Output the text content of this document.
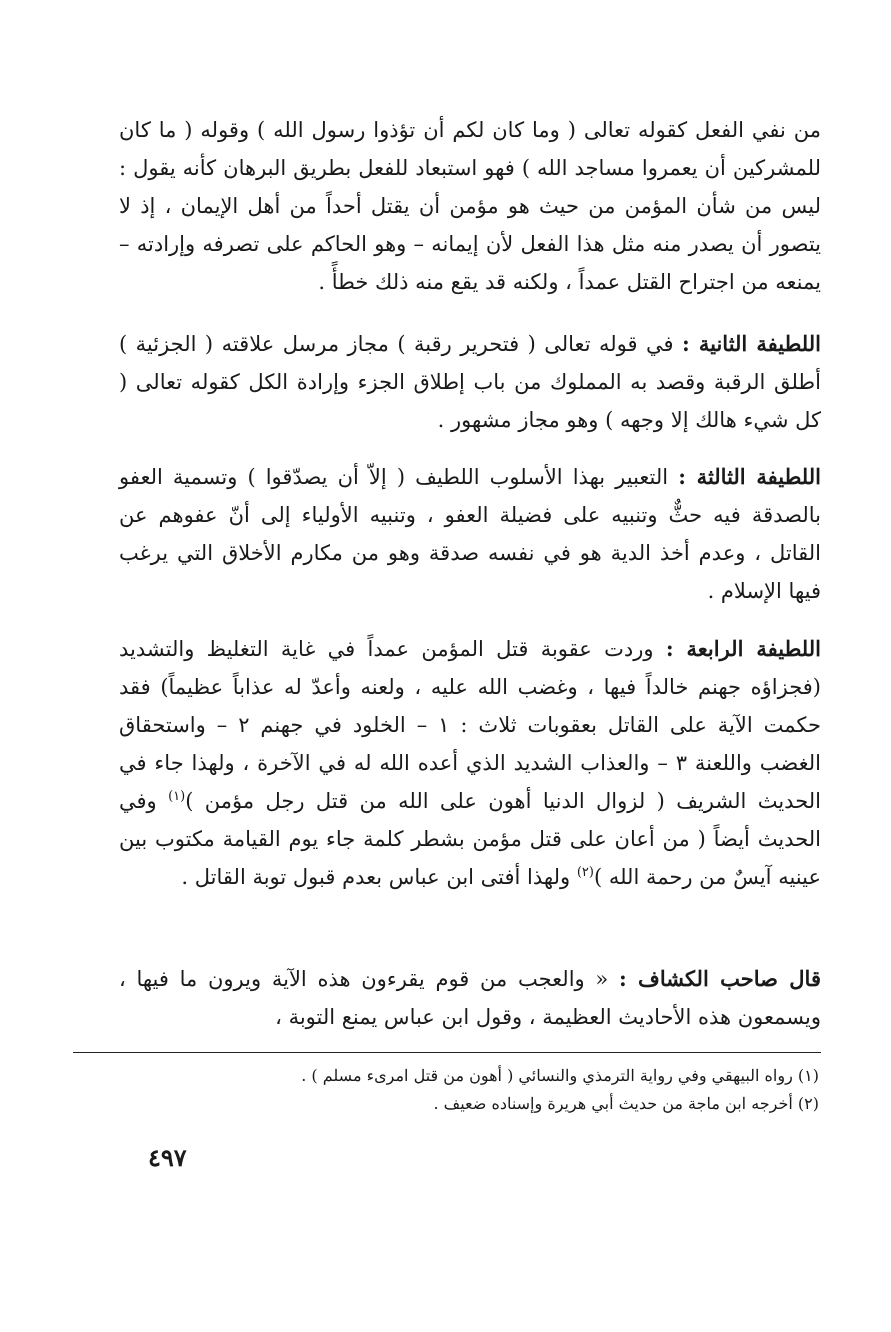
من نفي الفعل كقوله تعالى ( وما كان لكم أن تؤذوا رسول الله ) وقوله ( ما كان للمشركين أن يعمروا مساجد الله ) فهو استبعاد للفعل بطريق البرهان كأنه يقول : ليس من شأن المؤمن من حيث هو مؤمن أن يقتل أحداً من أهل الإيمان ، إذ لا يتصور أن يصدر منه مثل هذا الفعل لأن إيمانه – وهو الحاكم على تصرفه وإرادته – يمنعه من اجتراح القتل عمداً ، ولكنه قد يقع منه ذلك خطأً .

اللطيفة الثانية : في قوله تعالى ( فتحرير رقبة ) مجاز مرسل علاقته ( الجزئية ) أطلق الرقبة وقصد به المملوك من باب إطلاق الجزء وإرادة الكل كقوله تعالى ( كل شيء هالك إلا وجهه ) وهو مجاز مشهور .

اللطيفة الثالثة : التعبير بهذا الأسلوب اللطيف ( إلاّ أن يصدّقوا ) وتسمية العفو بالصدقة فيه حثٌّ وتنبيه على فضيلة العفو ، وتنبيه الأولياء إلى أنّ عفوهم عن القاتل ، وعدم أخذ الدية هو في نفسه صدقة وهو من مكارم الأخلاق التي يرغب فيها الإسلام .

اللطيفة الرابعة : وردت عقوبة قتل المؤمن عمداً في غاية التغليظ والتشديد (فجزاؤه جهنم خالداً فيها ، وغضب الله عليه ، ولعنه وأعدّ له عذاباً عظيماً) فقد حكمت الآية على القاتل بعقوبات ثلاث : ١ – الخلود في جهنم ٢ – واستحقاق الغضب واللعنة ٣ – والعذاب الشديد الذي أعده الله له في الآخرة ، ولهذا جاء في الحديث الشريف ( لزوال الدنيا أهون على الله من قتل رجل مؤمن )$^{(١)}$ وفي الحديث أيضاً ( من أعان على قتل مؤمن بشطر كلمة جاء يوم القيامة مكتوب بين عينيه آيسٌ من رحمة الله )$^{(٢)}$ ولهذا أفتى ابن عباس بعدم قبول توبة القاتل .

قال صاحب الكشاف : « والعجب من قوم يقرءون هذه الآية ويرون ما فيها ، ويسمعون هذه الأحاديث العظيمة ، وقول ابن عباس يمنع التوبة ،

(١) رواه البيهقي وفي رواية الترمذي والنسائي ( أهون من قتل امرىء مسلم ) .

(٢) أخرجه ابن ماجة من حديث أبي هريرة وإسناده ضعيف .

٤٩٧
